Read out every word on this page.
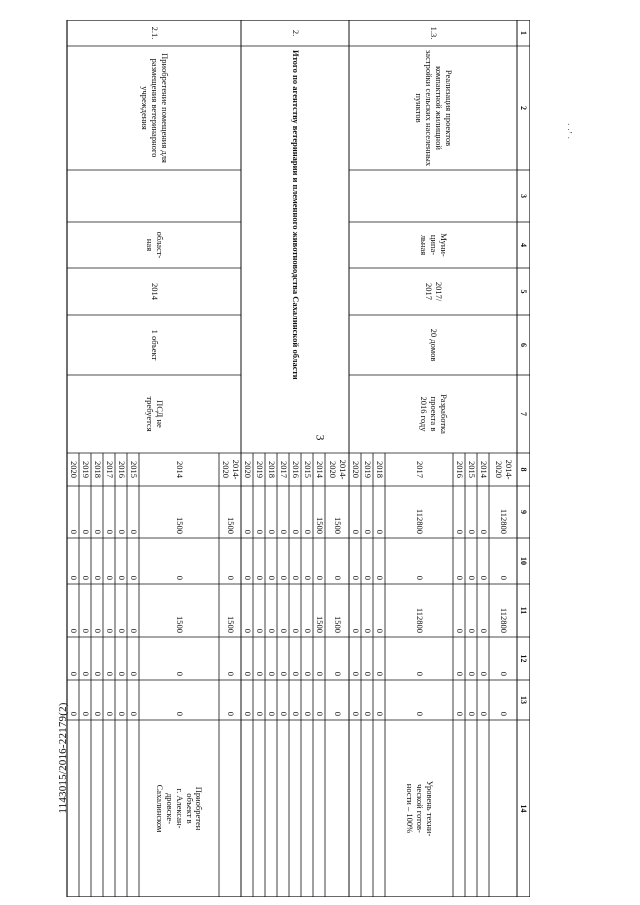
3
1143015/2016-22179(2)
· ·ʼ ·
1
2
3
4
5
6
7
8
9
10
11
12
13
14
1.3.
Реализация проектов компактной жилищной застройки сельских населенных пунктов
Муни-
ципа-
льная
2017/
2017
20 домов
Разработка
проекта в
2016 году
2014-
2020
112800
0
112800
0
0
2014
0
0
0
0
0
2015
0
0
0
0
0
2016
0
0
0
0
0
2017
112800
0
112800
0
0
Уровень техни-
ческой готов-
ности – 100%
2018
0
0
0
0
0
2019
0
0
0
0
0
2020
0
0
0
0
0
2.
Итого по агентству ветеринарии и племенного животноводства Сахалинской области
2014-
2020
1500
0
1500
0
0
2014
1500
0
1500
0
0
2015
0
0
0
0
0
2016
0
0
0
0
0
2017
0
0
0
0
0
2018
0
0
0
0
0
2019
0
0
0
0
0
2020
0
0
0
0
0
2.1.
Приобретение помещения для размещения ветеринарного учреждения
област-
ная
2014
1 объект
ПСД не
требуется
2014-
2020
1500
0
1500
0
0
2014
1500
0
1500
0
0
Приобретен
объект в
г. Алексан-
дровске-
Сахалинском
2015
0
0
0
0
0
2016
0
0
0
0
0
2017
0
0
0
0
0
2018
0
0
0
0
0
2019
0
0
0
0
0
2020
0
0
0
0
0
